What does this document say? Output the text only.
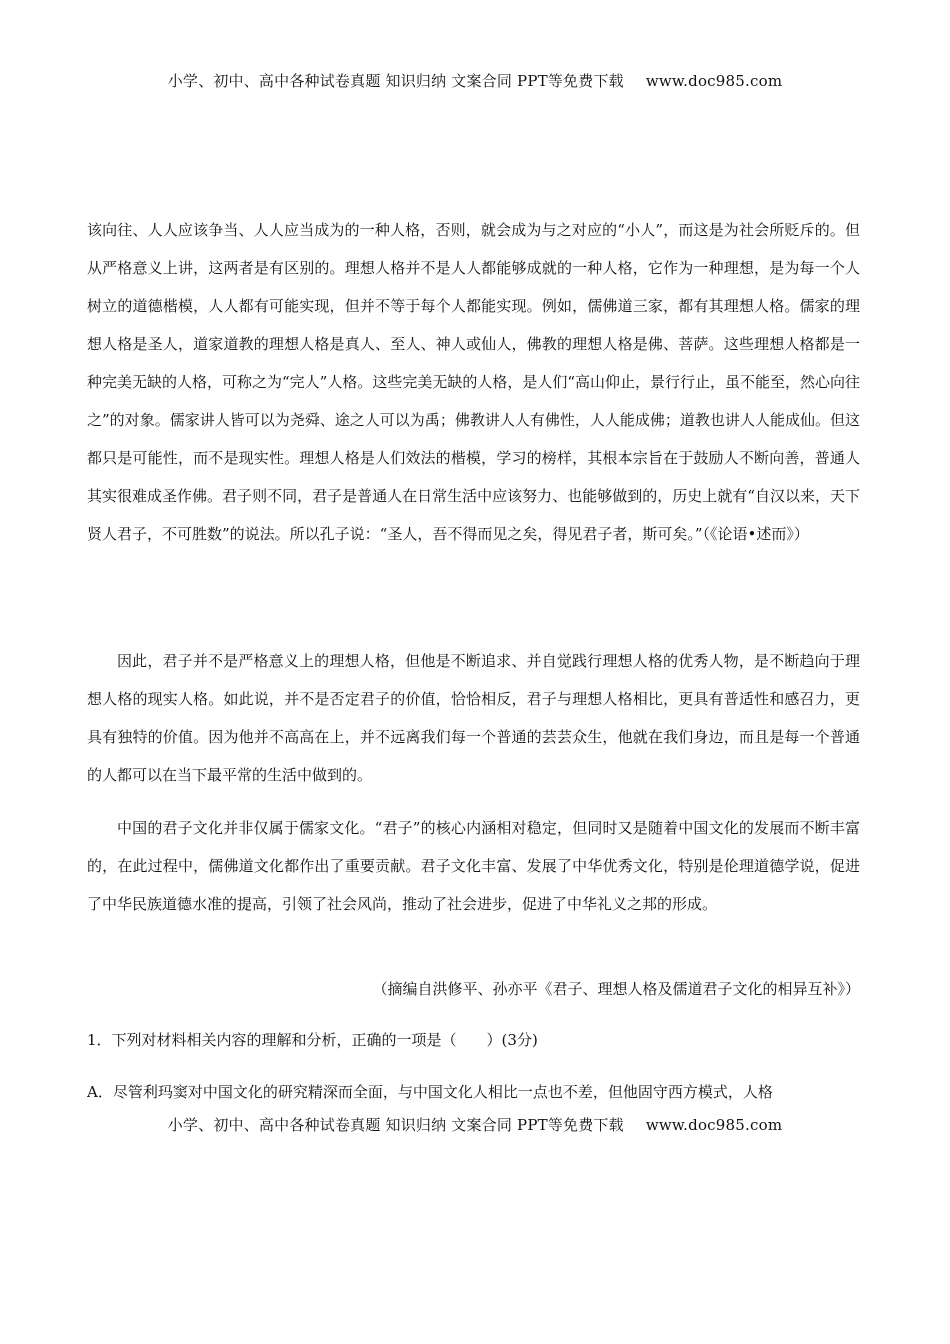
小学、初中、高中各种试卷真题 知识归纳 文案合同 PPT等免费下载 www.doc985.com

该向往、人人应该争当、人人应当成为的一种人格，否则，就会成为与之对应的“小人”，而这是为社会所贬斥的。但从严格意义上讲，这两者是有区别的。理想人格并不是人人都能够成就的一种人格，它作为一种理想，是为每一个人树立的道德楷模，人人都有可能实现，但并不等于每个人都能实现。例如，儒佛道三家，都有其理想人格。儒家的理想人格是圣人，道家道教的理想人格是真人、至人、神人或仙人，佛教的理想人格是佛、菩萨。这些理想人格都是一种完美无缺的人格，可称之为“完人”人格。这些完美无缺的人格，是人们“高山仰止，景行行止，虽不能至，然心向往之”的对象。儒家讲人皆可以为尧舜、途之人可以为禹；佛教讲人人有佛性，人人能成佛；道教也讲人人能成仙。但这都只是可能性，而不是现实性。理想人格是人们效法的楷模，学习的榜样，其根本宗旨在于鼓励人不断向善，普通人其实很难成圣作佛。君子则不同，君子是普通人在日常生活中应该努力、也能够做到的，历史上就有“自汉以来，天下贤人君子，不可胜数”的说法。所以孔子说：“圣人，吾不得而见之矣，得见君子者，斯可矣。”（《论语•述而》）

因此，君子并不是严格意义上的理想人格，但他是不断追求、并自觉践行理想人格的优秀人物，是不断趋向于理想人格的现实人格。如此说，并不是否定君子的价值，恰恰相反，君子与理想人格相比，更具有普适性和感召力，更具有独特的价值。因为他并不高高在上，并不远离我们每一个普通的芸芸众生，他就在我们身边，而且是每一个普通的人都可以在当下最平常的生活中做到的。

中国的君子文化并非仅属于儒家文化。“君子”的核心内涵相对稳定，但同时又是随着中国文化的发展而不断丰富的，在此过程中，儒佛道文化都作出了重要贡献。君子文化丰富、发展了中华优秀文化，特别是伦理道德学说，促进了中华民族道德水准的提高，引领了社会风尚，推动了社会进步，促进了中华礼义之邦的形成。

（摘编自洪修平、孙亦平《君子、理想人格及儒道君子文化的相异互补》）
1．下列对材料相关内容的理解和分析，正确的一项是（　　）(3分)
A．尽管利玛窦对中国文化的研究精深而全面，与中国文化人相比一点也不差，但他固守西方模式，人格
小学、初中、高中各种试卷真题 知识归纳 文案合同 PPT等免费下载 www.doc985.com
